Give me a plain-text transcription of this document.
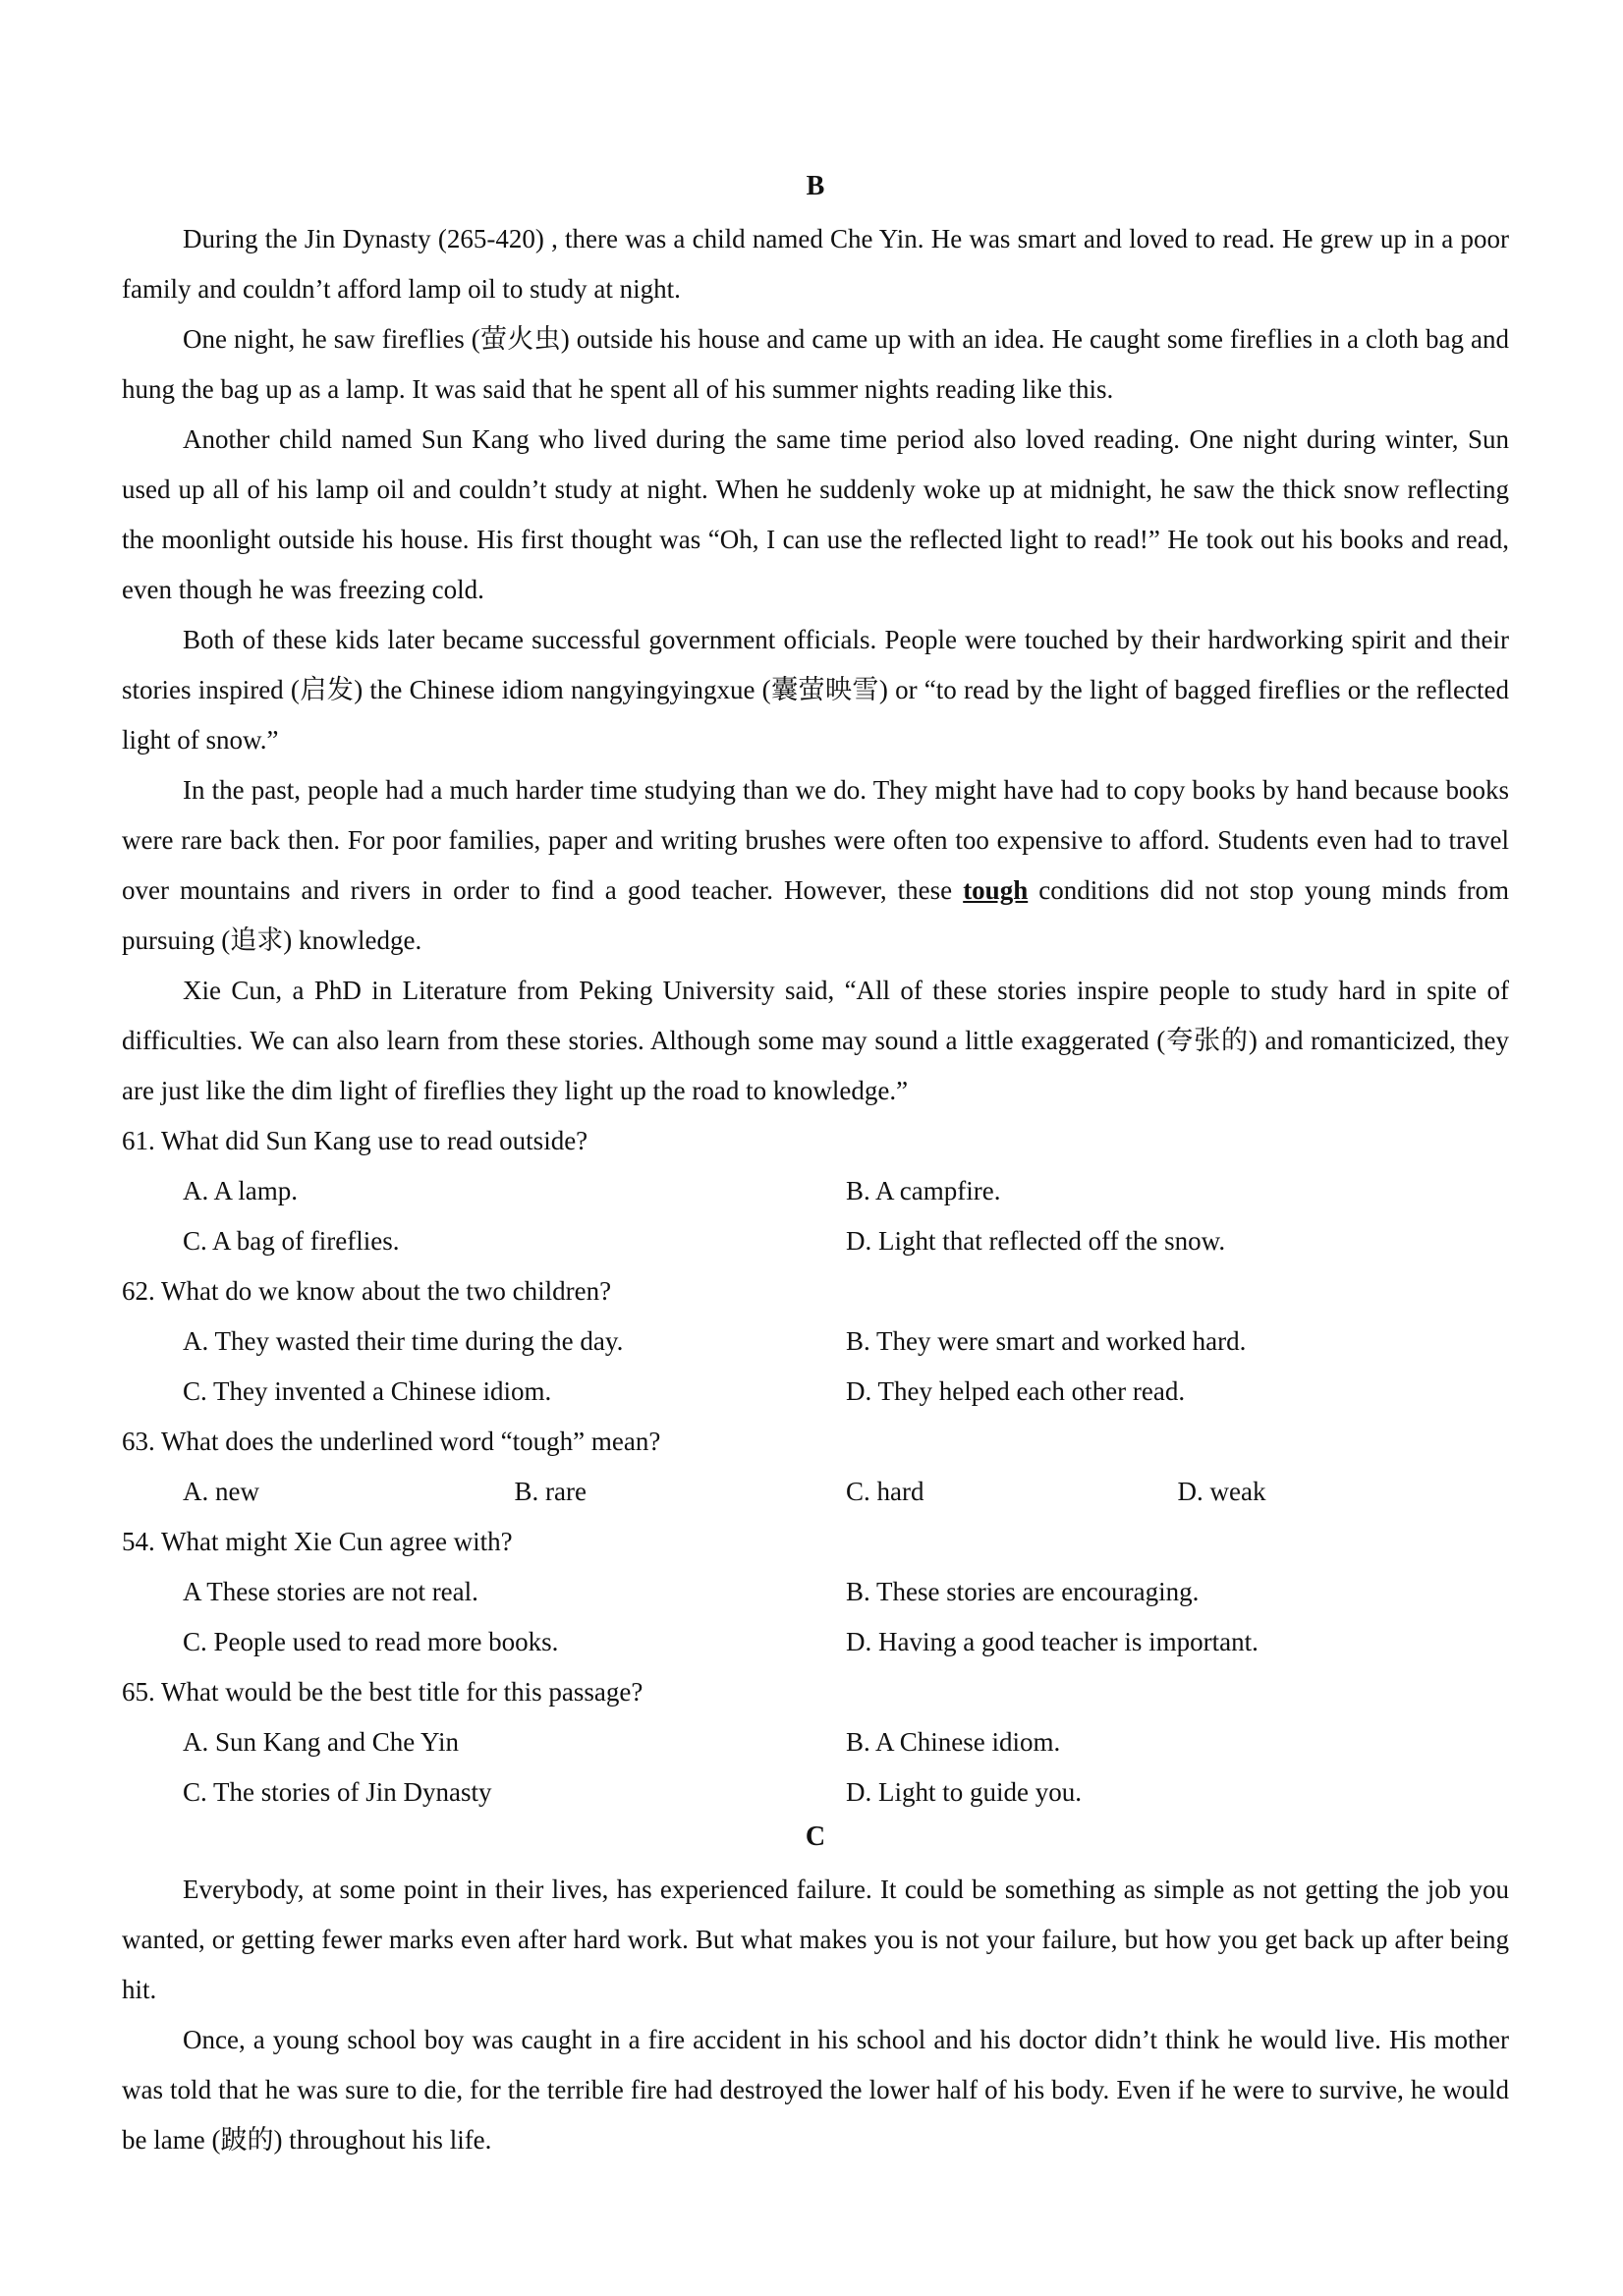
B

During the Jin Dynasty (265-420) , there was a child named Che Yin. He was smart and loved to read. He grew up in a poor family and couldn’t afford lamp oil to study at night.

One night, he saw fireflies (萤火虫) outside his house and came up with an idea. He caught some fireflies in a cloth bag and hung the bag up as a lamp. It was said that he spent all of his summer nights reading like this.

Another child named Sun Kang who lived during the same time period also loved reading. One night during winter, Sun used up all of his lamp oil and couldn’t study at night. When he suddenly woke up at midnight, he saw the thick snow reflecting the moonlight outside his house. His first thought was “Oh, I can use the reflected light to read!” He took out his books and read, even though he was freezing cold.

Both of these kids later became successful government officials. People were touched by their hardworking spirit and their stories inspired (启发) the Chinese idiom nangyingyingxue (囊萤映雪) or “to read by the light of bagged fireflies or the reflected light of snow.”

In the past, people had a much harder time studying than we do. They might have had to copy books by hand because books were rare back then. For poor families, paper and writing brushes were often too expensive to afford. Students even had to travel over mountains and rivers in order to find a good teacher. However, these tough conditions did not stop young minds from pursuing (追求) knowledge.

Xie Cun, a PhD in Literature from Peking University said, “All of these stories inspire people to study hard in spite of difficulties. We can also learn from these stories. Although some may sound a little exaggerated (夸张的) and romanticized, they are just like the dim light of fireflies they light up the road to knowledge.”

61. What did Sun Kang use to read outside?

A. A lamp.	B. A campfire.
C. A bag of fireflies.	D. Light that reflected off the snow.

62. What do we know about the two children?

A. They wasted their time during the day.	B. They were smart and worked hard.
C. They invented a Chinese idiom.	D. They helped each other read.

63. What does the underlined word “tough” mean?

A. new	B. rare	C. hard	D. weak

54. What might Xie Cun agree with?

A These stories are not real.	B. These stories are encouraging.
C. People used to read more books.	D. Having a good teacher is important.

65. What would be the best title for this passage?

A. Sun Kang and Che Yin	B. A Chinese idiom.
C. The stories of Jin Dynasty	D. Light to guide you.
C

Everybody, at some point in their lives, has experienced failure. It could be something as simple as not getting the job you wanted, or getting fewer marks even after hard work. But what makes you is not your failure, but how you get back up after being hit.

Once, a young school boy was caught in a fire accident in his school and his doctor didn’t think he would live. His mother was told that he was sure to die, for the terrible fire had destroyed the lower half of his body. Even if he were to survive, he would be lame (跛的) throughout his life.
